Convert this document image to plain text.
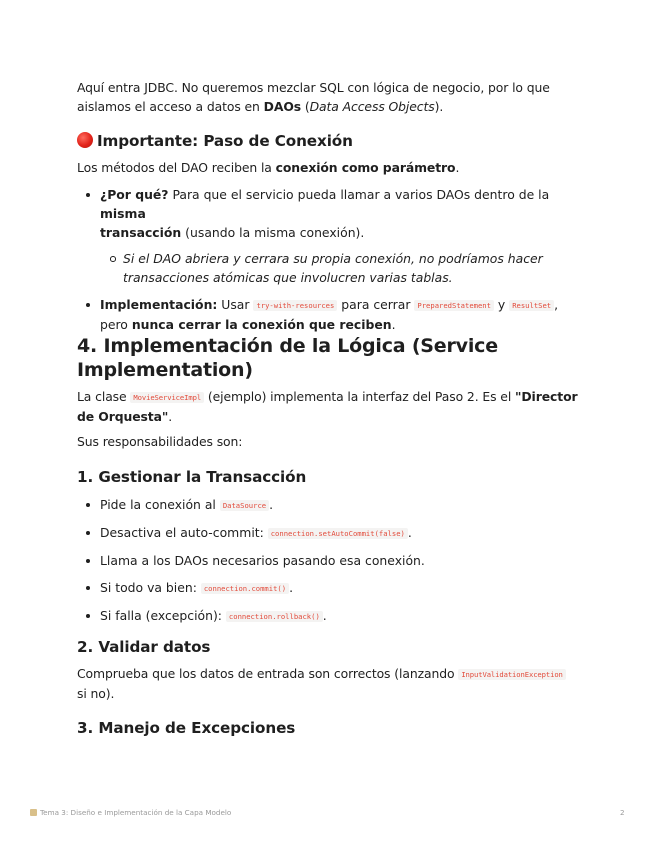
Aquí entra JDBC. No queremos mezclar SQL con lógica de negocio, por lo que
aislamos el acceso a datos en DAOs (Data Access Objects).

Importante: Paso de Conexión

Los métodos del DAO reciben la conexión como parámetro.

¿Por qué? Para que el servicio pueda llamar a varios DAOs dentro de la misma
transacción (usando la misma conexión).
Si el DAO abriera y cerrara su propia conexión, no podríamos hacer
transacciones atómicas que involucren varias tablas.
Implementación: Usar try-with-resources para cerrar PreparedStatement y ResultSet ,
pero nunca cerrar la conexión que reciben.
4. Implementación de la Lógica (Service
Implementation)

La clase MovieServiceImpl (ejemplo) implementa la interfaz del Paso 2. Es el "Director
de Orquesta".

Sus responsabilidades son:

1. Gestionar la Transacción
Pide la conexión al DataSource .
Desactiva el auto-commit: connection.setAutoCommit(false) .
Llama a los DAOs necesarios pasando esa conexión.
Si todo va bien: connection.commit() .
Si falla (excepción): connection.rollback() .
2. Validar datos

Comprueba que los datos de entrada son correctos (lanzando InputValidationException
si no).

3. Manejo de Excepciones
Tema 3: Diseño e Implementación de la Capa Modelo	2
